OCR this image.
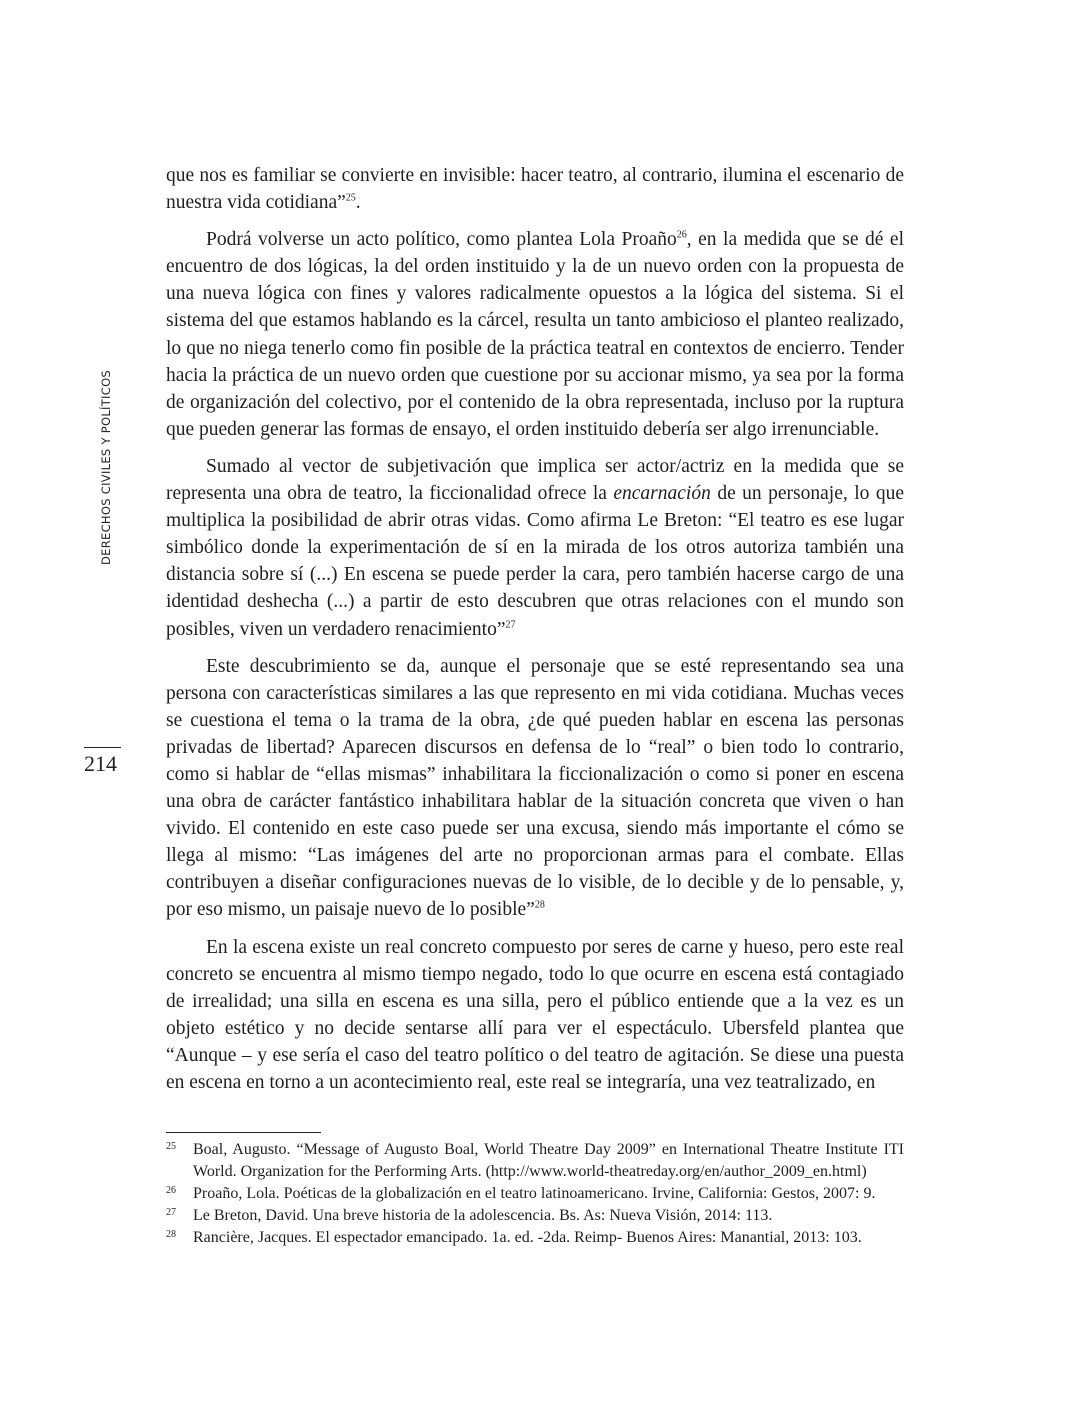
DERECHOS CIVILES Y POLÍTICOS
214

que nos es familiar se convierte en invisible: hacer teatro, al contrario, ilumina el escenario de nuestra vida cotidiana”$^{25}$.

Podrá volverse un acto político, como plantea Lola Proaño$^{26}$, en la medida que se dé el encuentro de dos lógicas, la del orden instituido y la de un nuevo orden con la propuesta de una nueva lógica con fines y valores radicalmente opuestos a la lógica del sistema. Si el sistema del que estamos hablando es la cárcel, resulta un tanto ambicioso el planteo realizado, lo que no niega tenerlo como fin posible de la práctica teatral en contextos de encierro. Tender hacia la práctica de un nuevo orden que cuestione por su accionar mismo, ya sea por la forma de organización del colectivo, por el contenido de la obra representada, incluso por la ruptura que pueden generar las formas de ensayo, el orden instituido debería ser algo irrenunciable.

Sumado al vector de subjetivación que implica ser actor/actriz en la medida que se representa una obra de teatro, la ficcionalidad ofrece la encarnación de un personaje, lo que multiplica la posibilidad de abrir otras vidas. Como afirma Le Breton: “El teatro es ese lugar simbólico donde la experimentación de sí en la mirada de los otros autoriza también una distancia sobre sí (...) En escena se puede perder la cara, pero también hacerse cargo de una identidad deshecha (...) a partir de esto descubren que otras relaciones con el mundo son posibles, viven un verdadero renacimiento”$^{27}$

Este descubrimiento se da, aunque el personaje que se esté representando sea una persona con características similares a las que represento en mi vida cotidiana. Muchas veces se cuestiona el tema o la trama de la obra, ¿de qué pueden hablar en escena las personas privadas de libertad? Aparecen discursos en defensa de lo “real” o bien todo lo contrario, como si hablar de “ellas mismas” inhabilitara la ficcionalización o como si poner en escena una obra de carácter fantástico inhabilitara hablar de la situación concreta que viven o han vivido. El contenido en este caso puede ser una excusa, siendo más importante el cómo se llega al mismo: “Las imágenes del arte no proporcionan armas para el combate. Ellas contribuyen a diseñar configuraciones nuevas de lo visible, de lo decible y de lo pensable, y, por eso mismo, un paisaje nuevo de lo posible”$^{28}$

En la escena existe un real concreto compuesto por seres de carne y hueso, pero este real concreto se encuentra al mismo tiempo negado, todo lo que ocurre en escena está contagiado de irrealidad; una silla en escena es una silla, pero el público entiende que a la vez es un objeto estético y no decide sentarse allí para ver el espectáculo. Ubersfeld plantea que “Aunque – y ese sería el caso del teatro político o del teatro de agitación. Se diese una puesta en escena en torno a un acontecimiento real, este real se integraría, una vez teatralizado, en

25	Boal, Augusto. “Message of Augusto Boal, World Theatre Day 2009” en International Theatre Institute ITI World. Organization for the Performing Arts. (http://www.world-theatreday.org/en/author_2009_en.html)
26	Proaño, Lola. Poéticas de la globalización en el teatro latinoamericano. Irvine, California: Gestos, 2007: 9.
27	Le Breton, David. Una breve historia de la adolescencia. Bs. As: Nueva Visión, 2014: 113.
28	Rancière, Jacques. El espectador emancipado. 1a. ed. -2da. Reimp- Buenos Aires: Manantial, 2013: 103.
